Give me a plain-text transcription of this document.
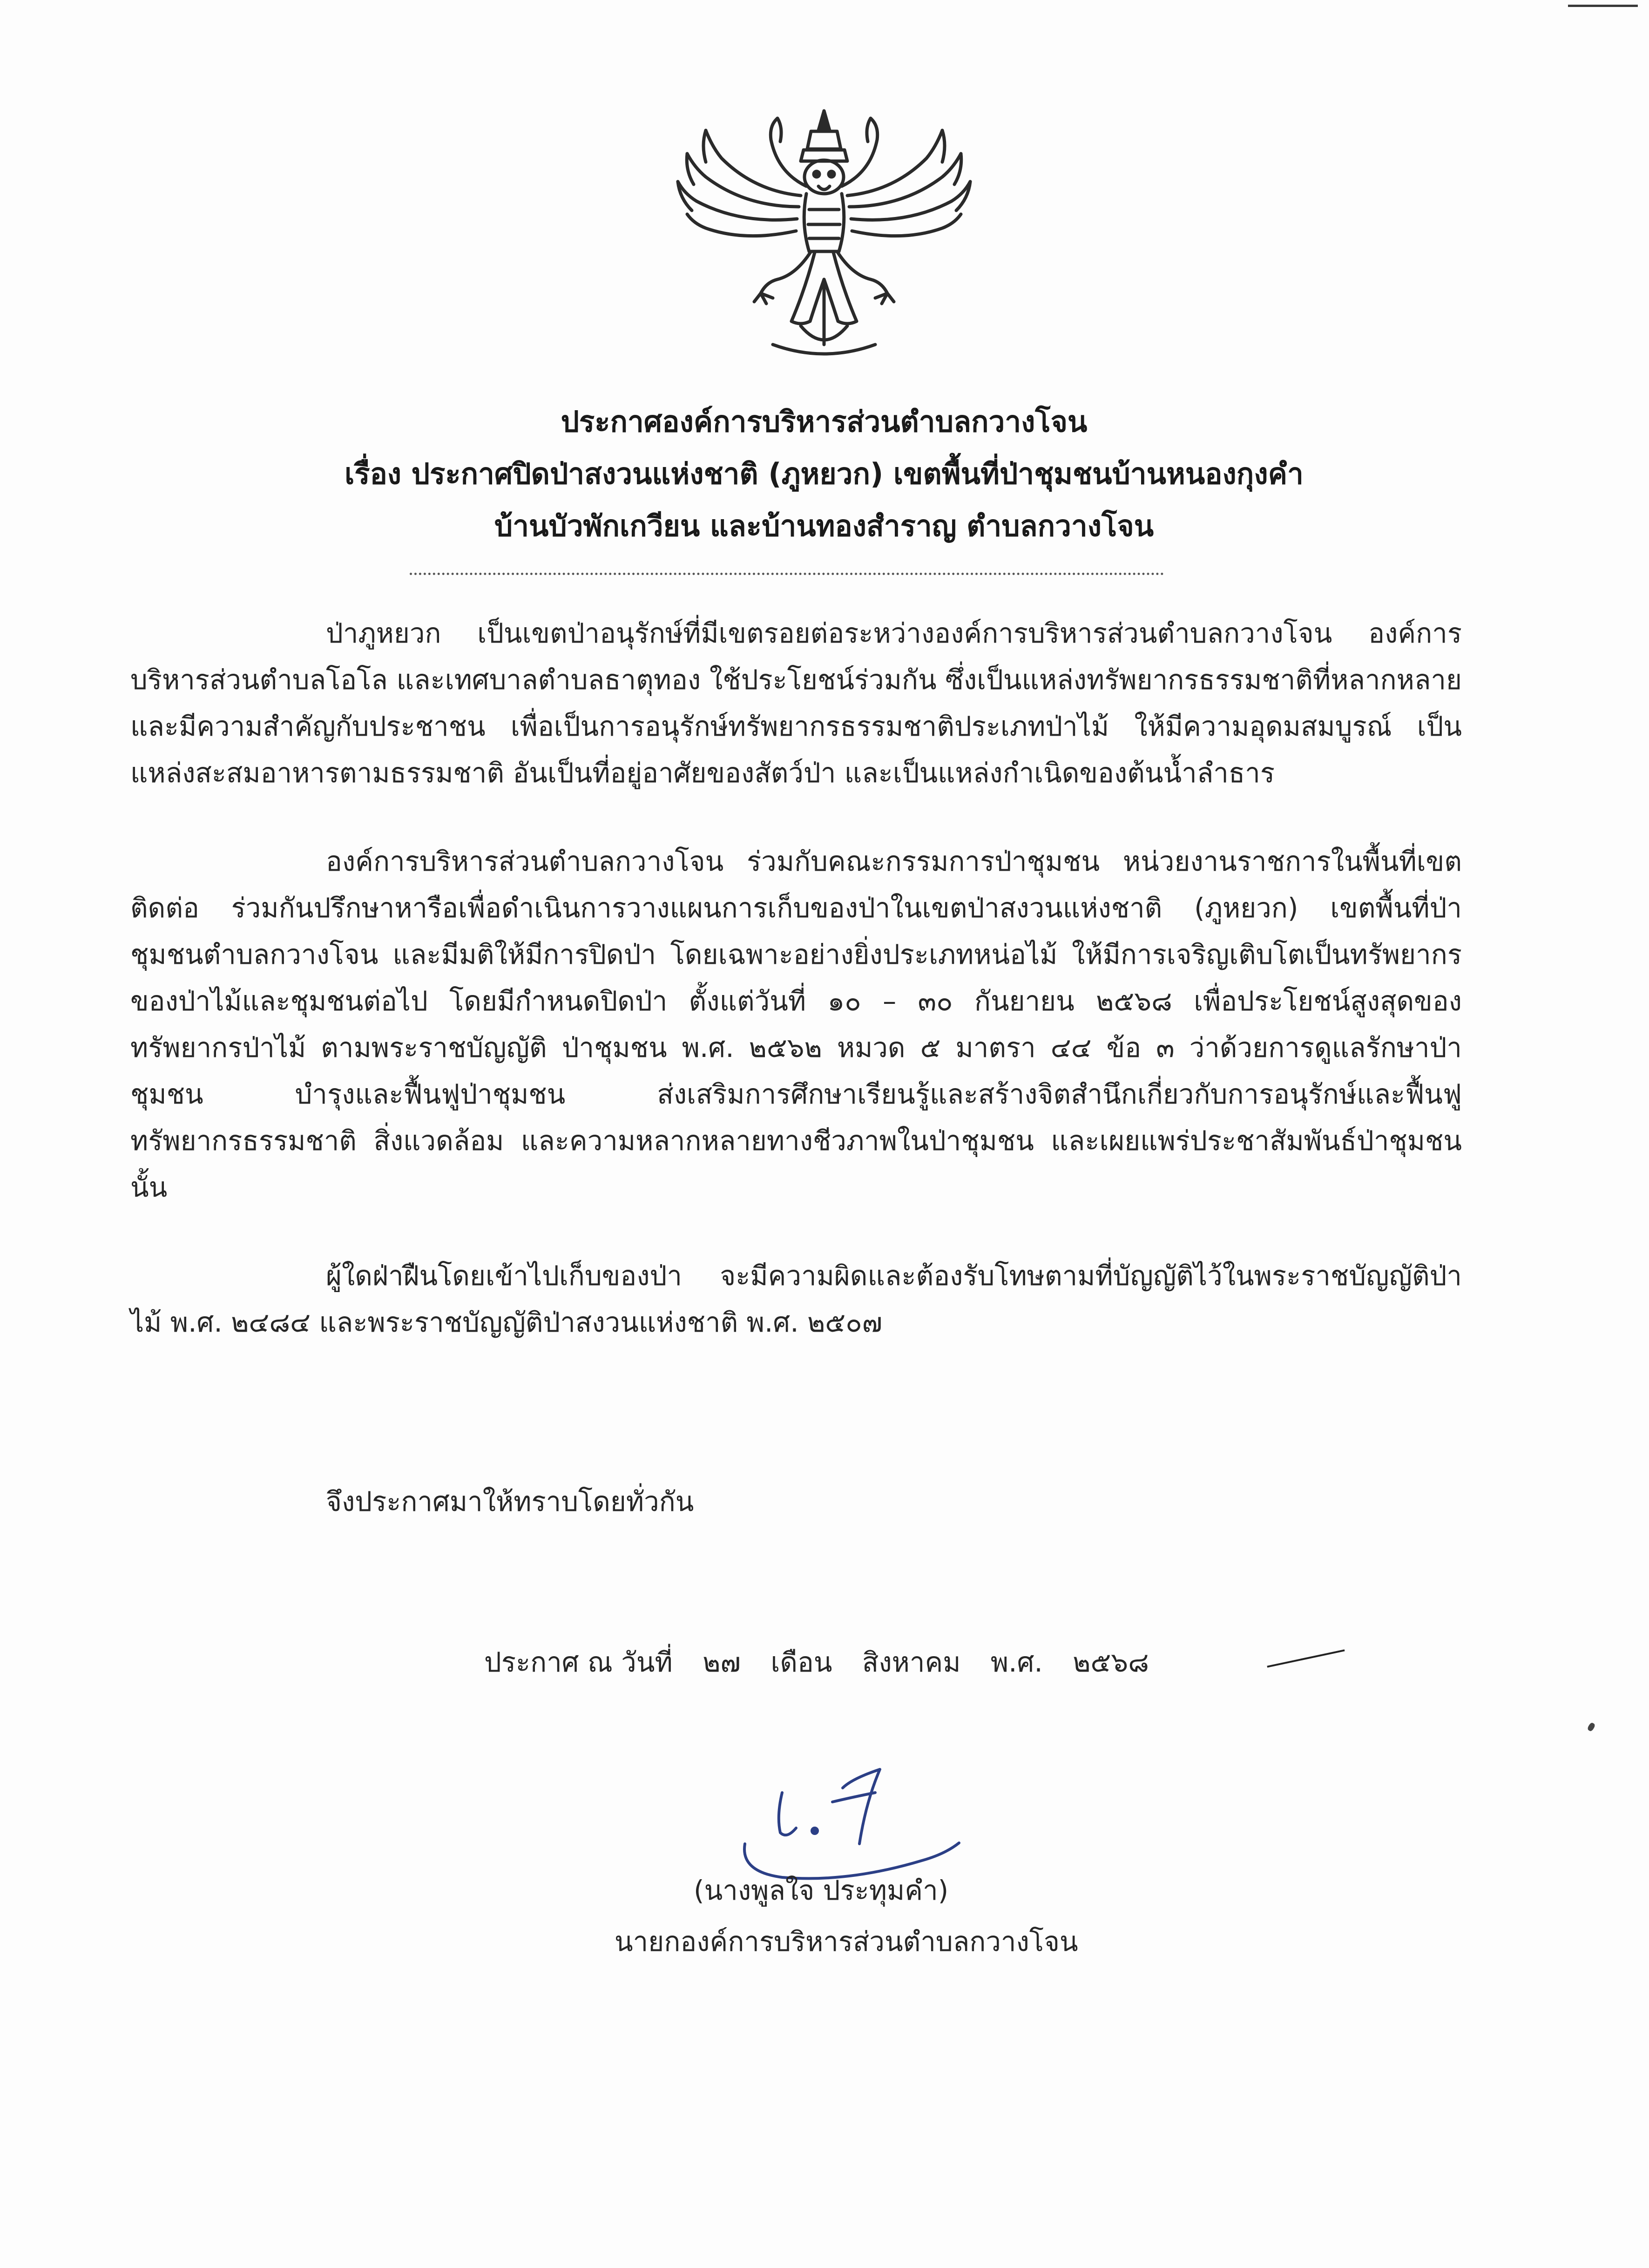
ประกาศองค์การบริหารส่วนตำบลกวางโจน
เรื่อง ประกาศปิดป่าสงวนแห่งชาติ (ภูหยวก) เขตพื้นที่ป่าชุมชนบ้านหนองกุงคำ
บ้านบัวพักเกวียน และบ้านทองสำราญ ตำบลกวางโจน

ป่าภูหยวก เป็นเขตป่าอนุรักษ์ที่มีเขตรอยต่อระหว่างองค์การบริหารส่วนตำบลกวางโจน องค์การบริหารส่วนตำบลโอโล และเทศบาลตำบลธาตุทอง ใช้ประโยชน์ร่วมกัน ซึ่งเป็นแหล่งทรัพยากรธรรมชาติที่หลากหลายและมีความสำคัญกับประชาชน เพื่อเป็นการอนุรักษ์ทรัพยากรธรรมชาติประเภทป่าไม้ ให้มีความอุดมสมบูรณ์ เป็นแหล่งสะสมอาหารตามธรรมชาติ อันเป็นที่อยู่อาศัยของสัตว์ป่า และเป็นแหล่งกำเนิดของต้นน้ำลำธาร

องค์การบริหารส่วนตำบลกวางโจน ร่วมกับคณะกรรมการป่าชุมชน หน่วยงานราชการในพื้นที่เขตติดต่อ ร่วมกันปรึกษาหารือเพื่อดำเนินการวางแผนการเก็บของป่าในเขตป่าสงวนแห่งชาติ (ภูหยวก) เขตพื้นที่ป่าชุมชนตำบลกวางโจน และมีมติให้มีการปิดป่า โดยเฉพาะอย่างยิ่งประเภทหน่อไม้ ให้มีการเจริญเติบโตเป็นทรัพยากรของป่าไม้และชุมชนต่อไป โดยมีกำหนดปิดป่า ตั้งแต่วันที่ ๑๐ – ๓๐ กันยายน ๒๕๖๘ เพื่อประโยชน์สูงสุดของทรัพยากรป่าไม้ ตามพระราชบัญญัติ ป่าชุมชน พ.ศ. ๒๕๖๒ หมวด ๕ มาตรา ๔๔ ข้อ ๓ ว่าด้วยการดูแลรักษาป่าชุมชน บำรุงและฟื้นฟูป่าชุมชน ส่งเสริมการศึกษาเรียนรู้และสร้างจิตสำนึกเกี่ยวกับการอนุรักษ์และฟื้นฟูทรัพยากรธรรมชาติ สิ่งแวดล้อม และความหลากหลายทางชีวภาพในป่าชุมชน และเผยแพร่ประชาสัมพันธ์ป่าชุมชน นั้น

ผู้ใดฝ่าฝืนโดยเข้าไปเก็บของป่า จะมีความผิดและต้องรับโทษตามที่บัญญัติไว้ในพระราชบัญญัติป่าไม้ พ.ศ. ๒๔๘๔ และพระราชบัญญัติป่าสงวนแห่งชาติ พ.ศ. ๒๕๐๗

จึงประกาศมาให้ทราบโดยทั่วกัน
ประกาศ ณ วันที่ ๒๗ เดือน สิงหาคม พ.ศ. ๒๕๖๘
(นางพูลใจ ประทุมคำ)
นายกองค์การบริหารส่วนตำบลกวางโจน
